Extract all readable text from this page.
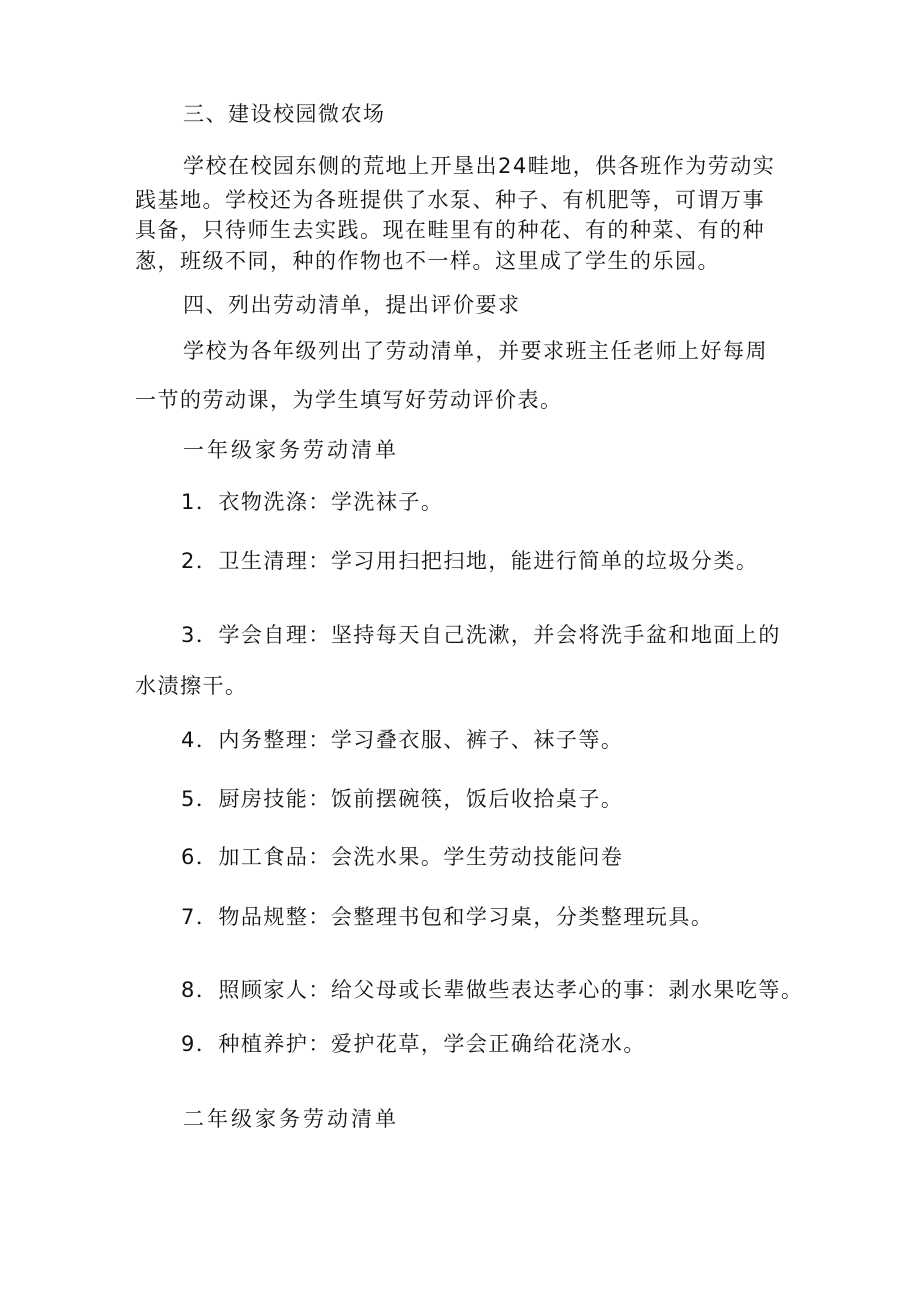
三、建设校园微农场

学校在校园东侧的荒地上开垦出24畦地，供各班作为劳动实

践基地。学校还为各班提供了水泵、种子、有机肥等，可谓万事

具备，只待师生去实践。现在畦里有的种花、有的种菜、有的种

葱，班级不同，种的作物也不一样。这里成了学生的乐园。

四、列出劳动清单，提出评价要求

学校为各年级列出了劳动清单，并要求班主任老师上好每周

一节的劳动课，为学生填写好劳动评价表。

一年级家务劳动清单

1．衣物洗涤：学洗袜子。

2．卫生清理：学习用扫把扫地，能进行简单的垃圾分类。

3．学会自理：坚持每天自己洗漱，并会将洗手盆和地面上的

水渍擦干。

4．内务整理：学习叠衣服、裤子、袜子等。

5．厨房技能：饭前摆碗筷，饭后收拾桌子。

6．加工食品：会洗水果。学生劳动技能问卷

7．物品规整：会整理书包和学习桌，分类整理玩具。

8．照顾家人：给父母或长辈做些表达孝心的事：剥水果吃等。

9．种植养护：爱护花草，学会正确给花浇水。

二年级家务劳动清单
